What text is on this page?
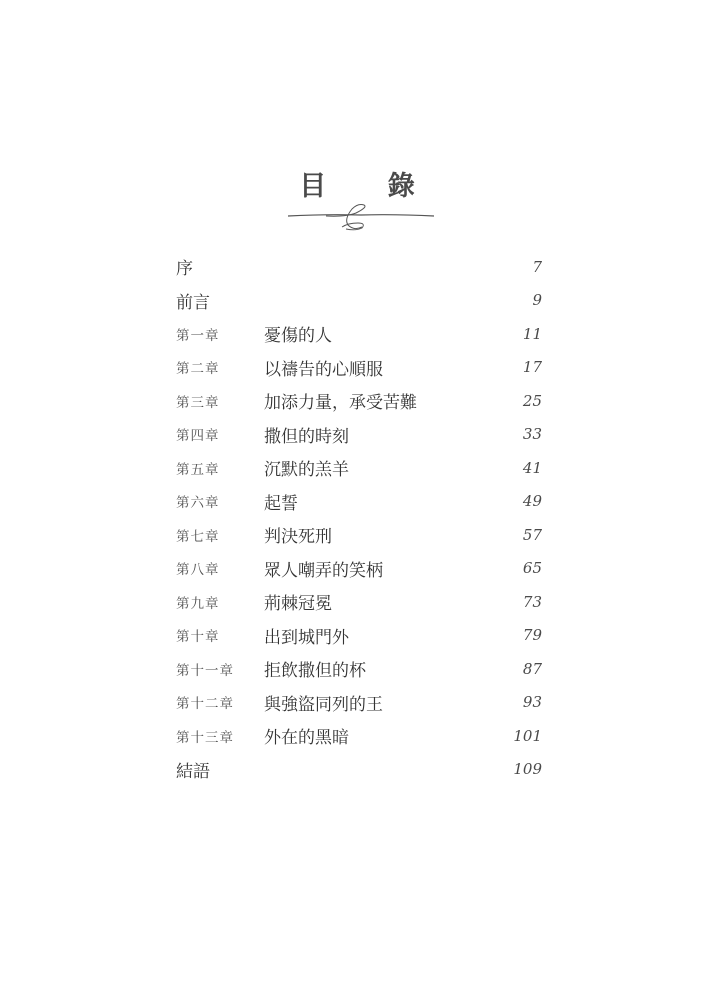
目 錄
序	7
前言	9
第一章	憂傷的人	11
第二章	以禱告的心順服	17
第三章	加添力量，承受苦難	25
第四章	撒但的時刻	33
第五章	沉默的羔羊	41
第六章	起誓	49
第七章	判決死刑	57
第八章	眾人嘲弄的笑柄	65
第九章	荊棘冠冕	73
第十章	出到城門外	79
第十一章	拒飲撒但的杯	87
第十二章	與強盜同列的王	93
第十三章	外在的黑暗	101
結語	109
